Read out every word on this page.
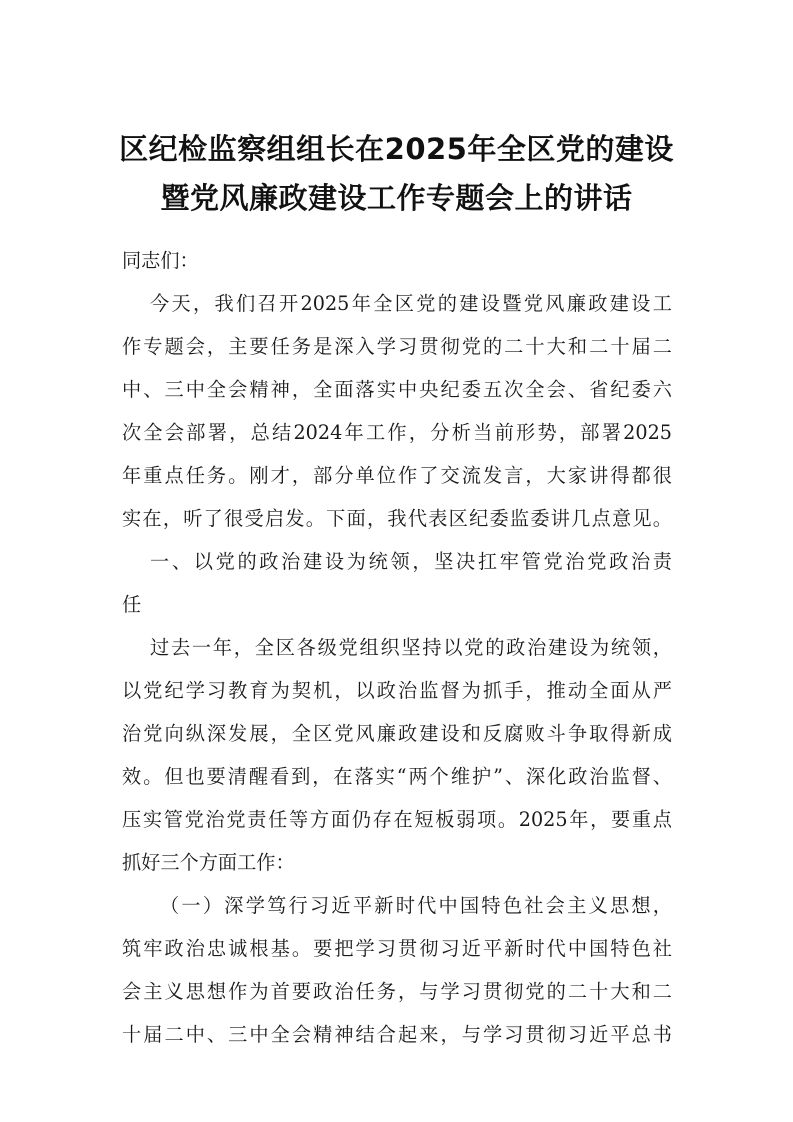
区纪检监察组组长在2025年全区党的建设
暨党风廉政建设工作专题会上的讲话
同志们：
今天，我们召开2025年全区党的建设暨党风廉政建设工
作专题会，主要任务是深入学习贯彻党的二十大和二十届二
中、三中全会精神，全面落实中央纪委五次全会、省纪委六
次全会部署，总结2024年工作，分析当前形势，部署2025
年重点任务。刚才，部分单位作了交流发言，大家讲得都很
实在，听了很受启发。下面，我代表区纪委监委讲几点意见。
一、以党的政治建设为统领，坚决扛牢管党治党政治责
任
过去一年，全区各级党组织坚持以党的政治建设为统领，
以党纪学习教育为契机，以政治监督为抓手，推动全面从严
治党向纵深发展，全区党风廉政建设和反腐败斗争取得新成
效。但也要清醒看到，在落实“两个维护”、深化政治监督、
压实管党治党责任等方面仍存在短板弱项。2025年，要重点
抓好三个方面工作：
（一）深学笃行习近平新时代中国特色社会主义思想，
筑牢政治忠诚根基。要把学习贯彻习近平新时代中国特色社
会主义思想作为首要政治任务，与学习贯彻党的二十大和二
十届二中、三中全会精神结合起来，与学习贯彻习近平总书
